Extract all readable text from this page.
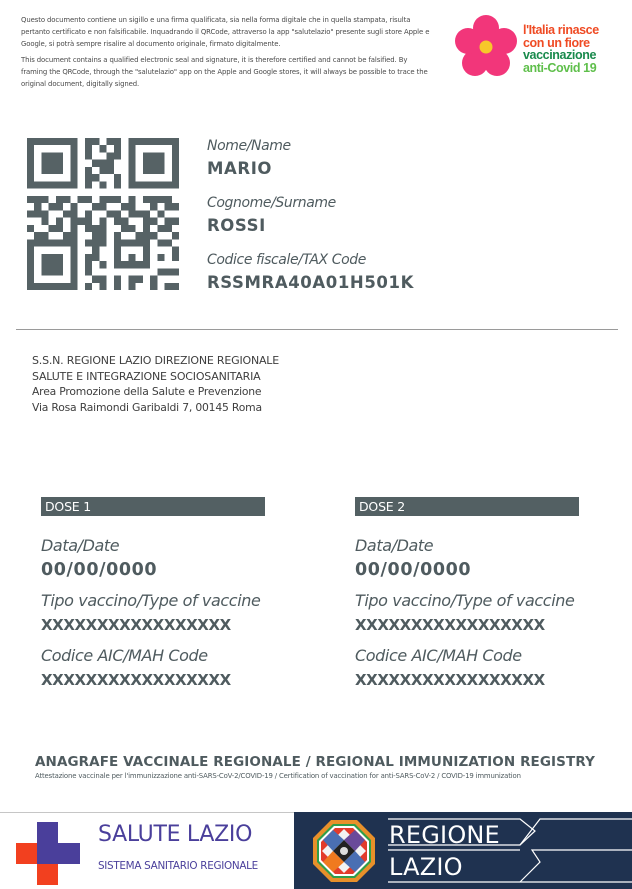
Questo documento contiene un sigillo e una firma qualificata, sia nella forma digitale che in quella stampata, risulta pertanto certificato e non falsificabile. Inquadrando il QRCode, attraverso la app "salutelazio" presente sugli store Apple e Google, si potrà sempre risalire al documento originale, firmato digitalmente.

This document contains a qualified electronic seal and signature, it is therefore certified and cannot be falsified. By framing the QRCode, through the "salutelazio" app on the Apple and Google stores, it will always be possible to trace the original document, digitally signed.

l'Italia rinasce
con un fiore
vaccinazione
anti-Covid 19
Nome/Name
MARIO
Cognome/Surname
ROSSI
Codice fiscale/TAX Code
RSSMRA40A01H501K
S.S.N. REGIONE LAZIO DIREZIONE REGIONALE
SALUTE E INTEGRAZIONE SOCIOSANITARIA
Area Promozione della Salute e Prevenzione
Via Rosa Raimondi Garibaldi 7, 00145 Roma
DOSE 1
Data/Date
00/00/0000
Tipo vaccino/Type of vaccine
XXXXXXXXXXXXXXXXX
Codice AIC/MAH Code
XXXXXXXXXXXXXXXXX
DOSE 2
Data/Date
00/00/0000
Tipo vaccino/Type of vaccine
XXXXXXXXXXXXXXXXX
Codice AIC/MAH Code
XXXXXXXXXXXXXXXXX
ANAGRAFE VACCINALE REGIONALE / REGIONAL IMMUNIZATION REGISTRY
Attestazione vaccinale per l'immunizzazione anti-SARS-CoV-2/COVID-19 / Certification of vaccination for anti-SARS-CoV-2 / COVID-19 immunization
SALUTE LAZIO
SISTEMA SANITARIO REGIONALE
REGIONE
LAZIO
